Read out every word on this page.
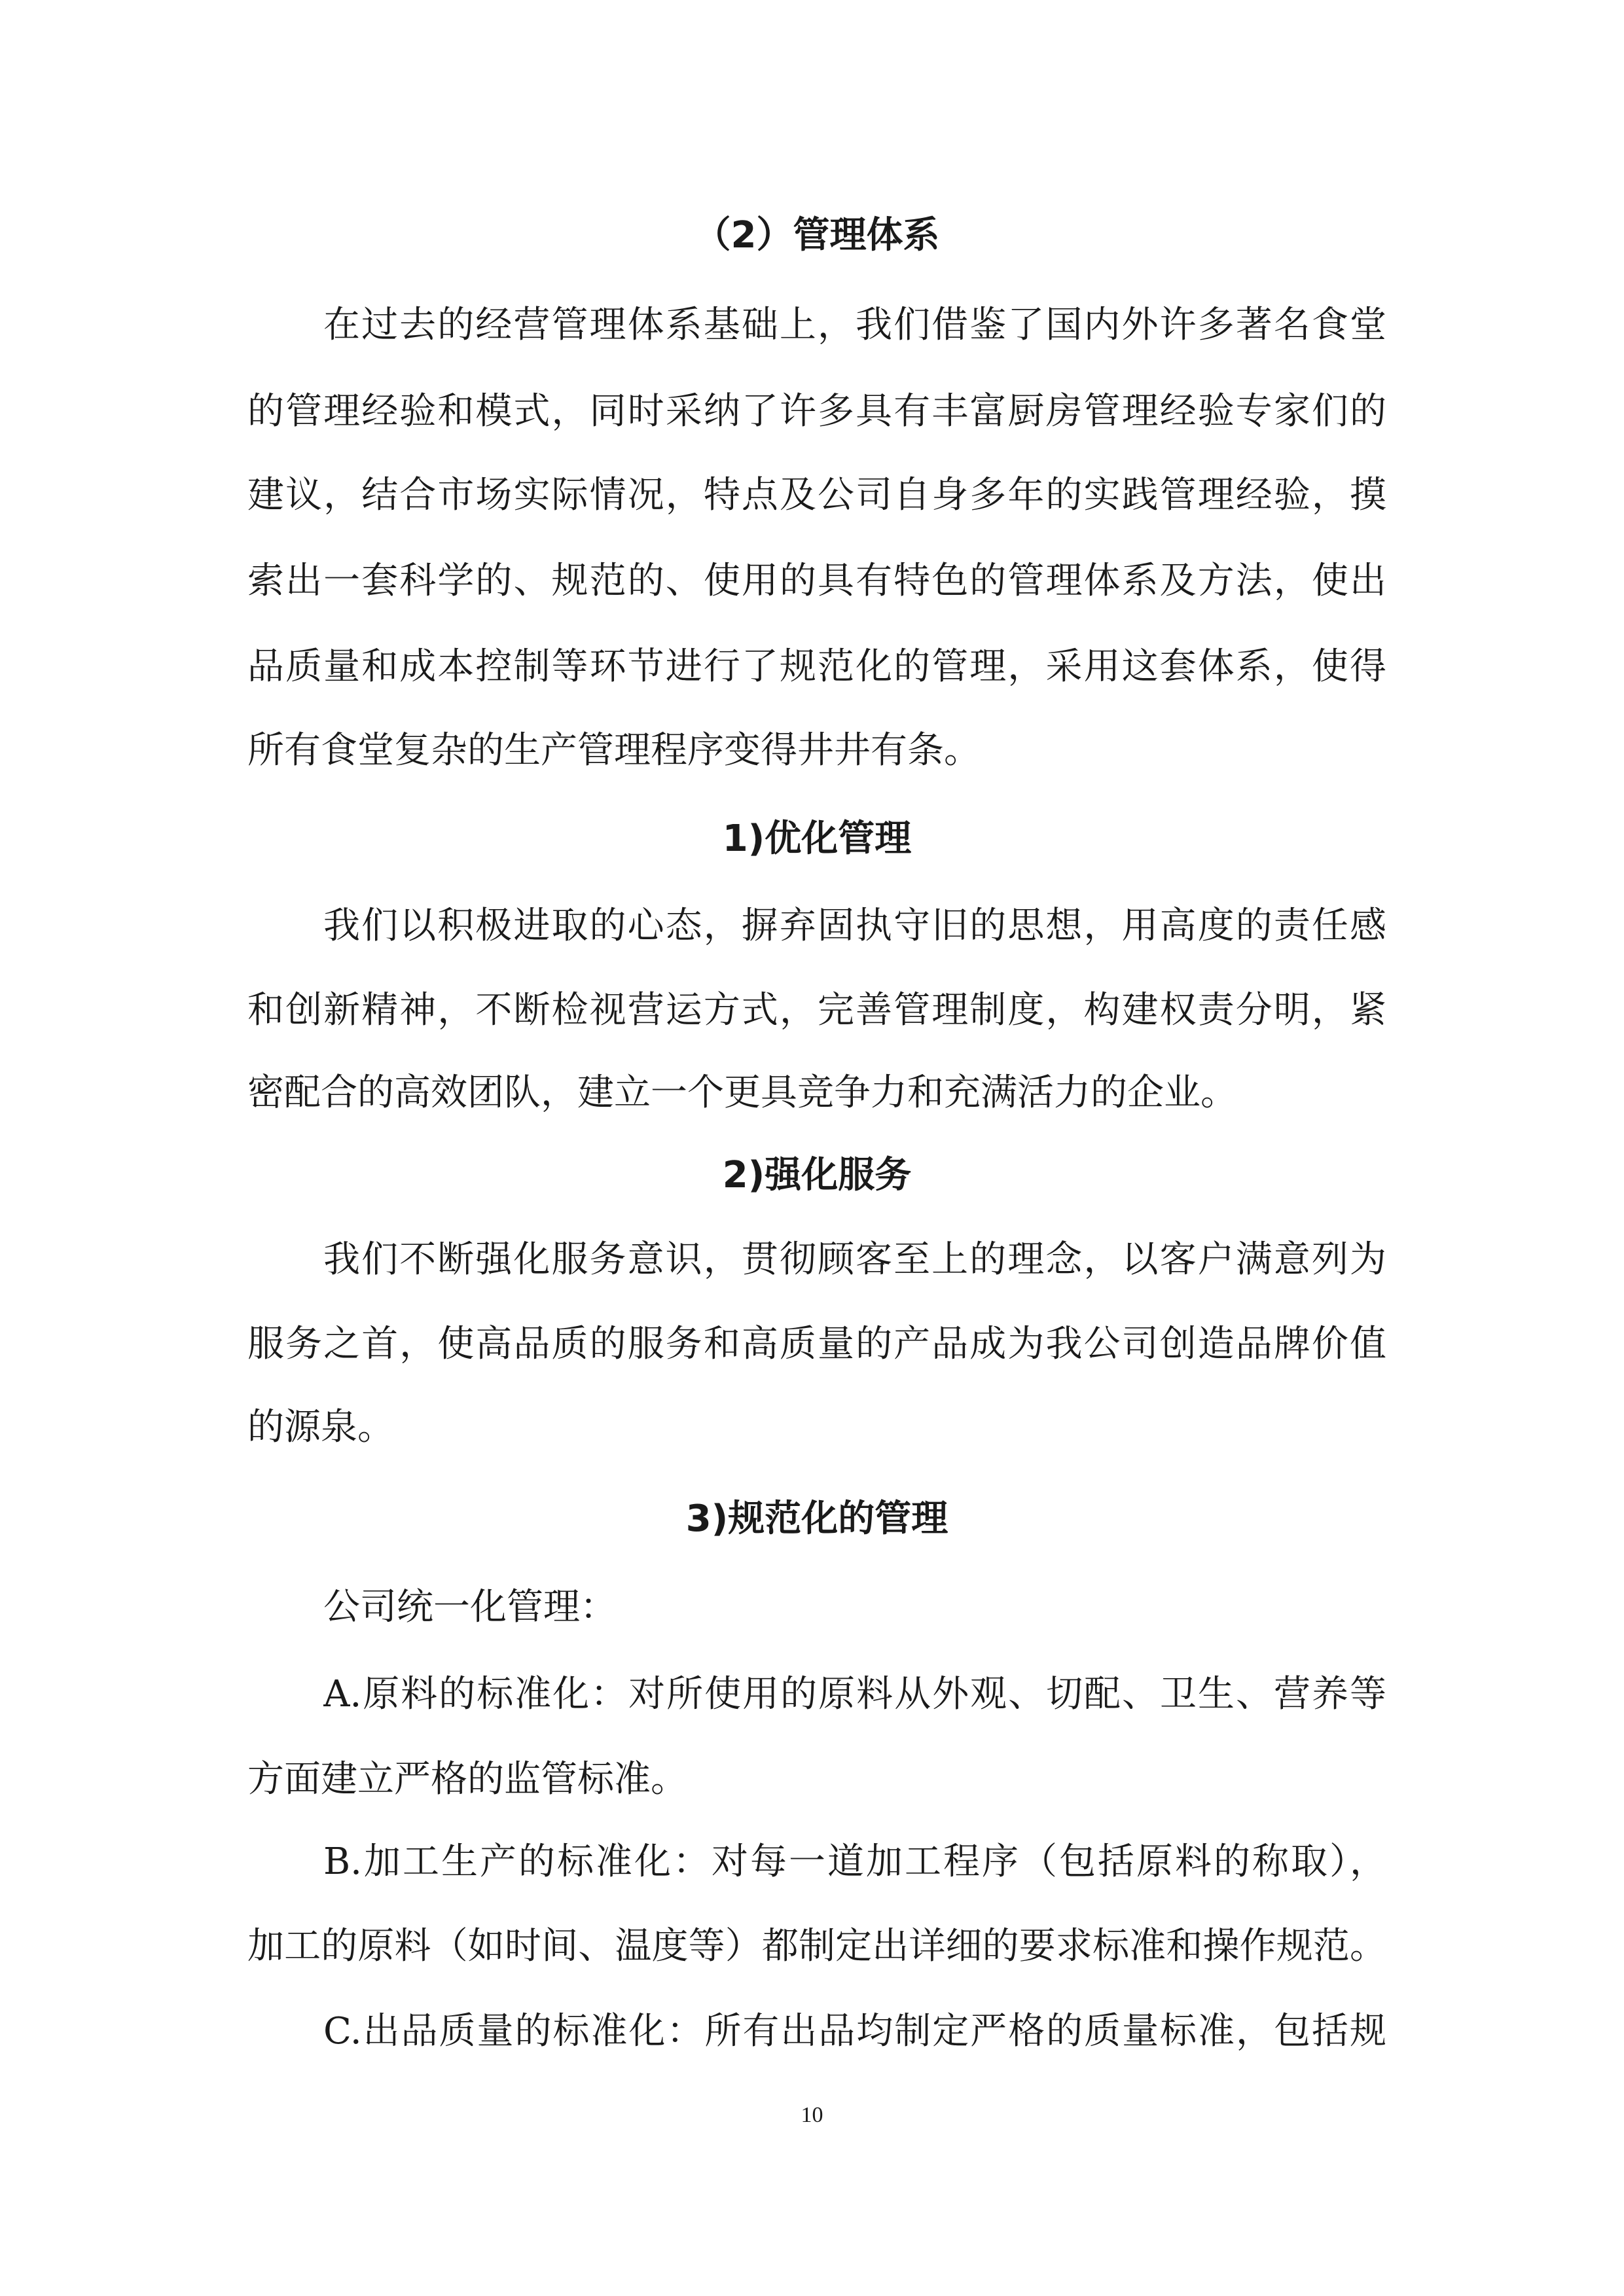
（2）管理体系
在过去的经营管理体系基础上，我们借鉴了国内外许多著名食堂
的管理经验和模式，同时采纳了许多具有丰富厨房管理经验专家们的
建议，结合市场实际情况，特点及公司自身多年的实践管理经验，摸
索出一套科学的、规范的、使用的具有特色的管理体系及方法，使出
品质量和成本控制等环节进行了规范化的管理，采用这套体系，使得
所有食堂复杂的生产管理程序变得井井有条。
1)优化管理
我们以积极进取的心态，摒弃固执守旧的思想，用高度的责任感
和创新精神，不断检视营运方式，完善管理制度，构建权责分明，紧
密配合的高效团队，建立一个更具竞争力和充满活力的企业。
2)强化服务
我们不断强化服务意识，贯彻顾客至上的理念，以客户满意列为
服务之首，使高品质的服务和高质量的产品成为我公司创造品牌价值
的源泉。
3)规范化的管理
公司统一化管理：
A.原料的标准化：对所使用的原料从外观、切配、卫生、营养等
方面建立严格的监管标准。
B.加工生产的标准化：对每一道加工程序（包括原料的称取），
加工的原料（如时间、温度等）都制定出详细的要求标准和操作规范。
C.出品质量的标准化：所有出品均制定严格的质量标准，包括规
10
